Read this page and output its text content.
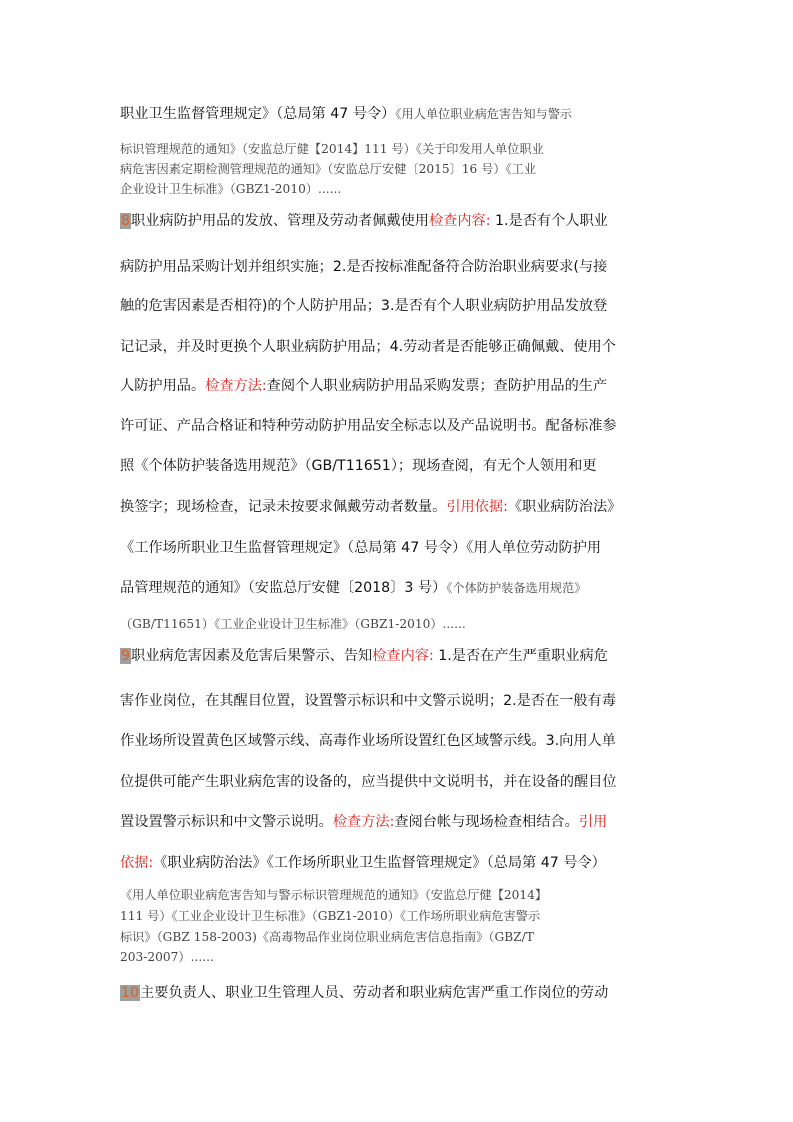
职业卫生监督管理规定》（总局第 47 号令）《用人单位职业病危害告知与警示
标识管理规范的通知》（安监总厅健【2014】111 号）《关于印发用人单位职业
病危害因素定期检测管理规范的通知》（安监总厅安健〔2015〕16 号）《工业
企业设计卫生标准》（GBZ1-2010）......
8职业病防护用品的发放、管理及劳动者佩戴使用检查内容: 1.是否有个人职业
病防护用品采购计划并组织实施；2.是否按标准配备符合防治职业病要求(与接
触的危害因素是否相符)的个人防护用品；3.是否有个人职业病防护用品发放登
记记录，并及时更换个人职业病防护用品；4.劳动者是否能够正确佩戴、使用个
人防护用品。检查方法:查阅个人职业病防护用品采购发票；查防护用品的生产
许可证、产品合格证和特种劳动防护用品安全标志以及产品说明书。配备标准参
照《个体防护装备选用规范》（GB/T11651）；现场查阅，有无个人领用和更
换签字；现场检查，记录未按要求佩戴劳动者数量。引用依据:《职业病防治法》
《工作场所职业卫生监督管理规定》（总局第 47 号令）《用人单位劳动防护用
品管理规范的通知》（安监总厅安健〔2018〕3 号）《个体防护装备选用规范》
（GB/T11651）《工业企业设计卫生标准》（GBZ1-2010）......
9职业病危害因素及危害后果警示、告知检查内容: 1.是否在产生严重职业病危
害作业岗位，在其醒目位置，设置警示标识和中文警示说明；2.是否在一般有毒
作业场所设置黄色区域警示线、高毒作业场所设置红色区域警示线。3.向用人单
位提供可能产生职业病危害的设备的，应当提供中文说明书，并在设备的醒目位
置设置警示标识和中文警示说明。检查方法:查阅台帐与现场检查相结合。引用
依据:《职业病防治法》《工作场所职业卫生监督管理规定》（总局第 47 号令）
《用人单位职业病危害告知与警示标识管理规范的通知》（安监总厅健【2014】
111 号）《工业企业设计卫生标准》（GBZ1-2010）《工作场所职业病危害警示
标识》（GBZ 158-2003)《高毒物品作业岗位职业病危害信息指南》（GBZ/T
203-2007）......
10主要负责人、职业卫生管理人员、劳动者和职业病危害严重工作岗位的劳动
